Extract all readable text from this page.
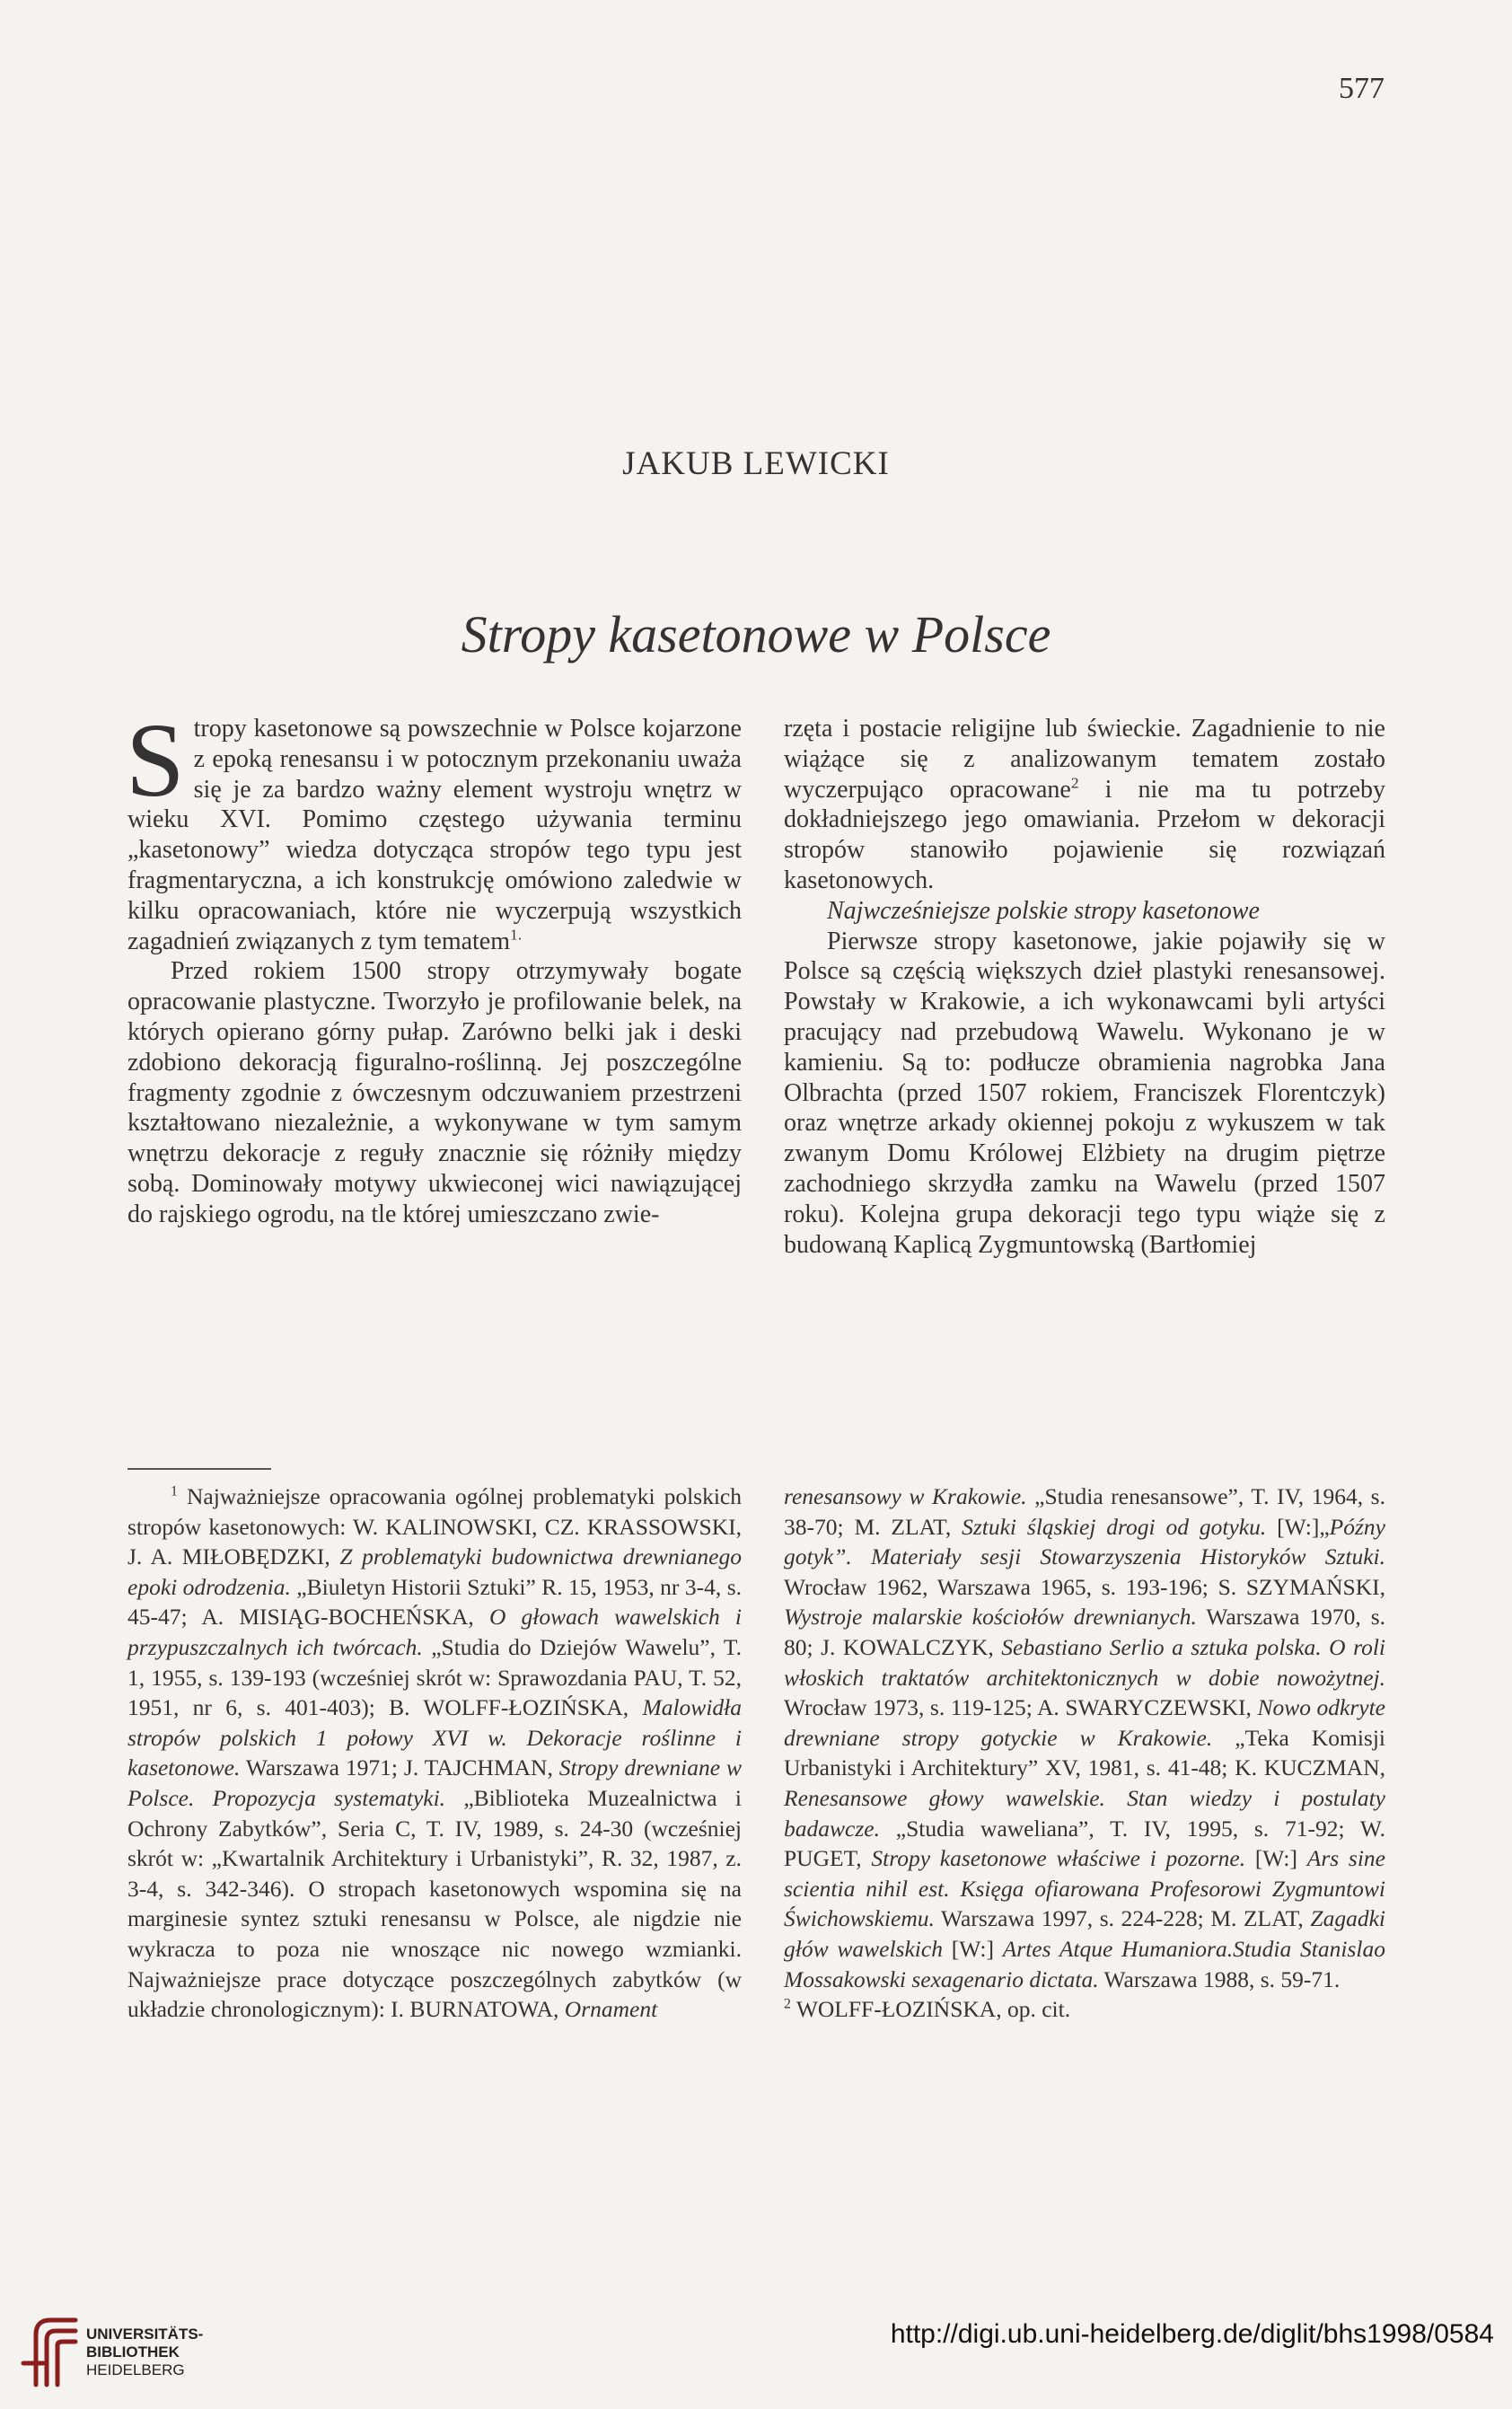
577
JAKUB LEWICKI
Stropy kasetonowe w Polsce

Stropy kasetonowe są powszechnie w Polsce kojarzone z epoką renesansu i w potocznym przekonaniu uważa się je za bardzo ważny element wystroju wnętrz w wieku XVI. Pomimo częstego używania terminu „kasetonowy” wiedza dotycząca stropów tego typu jest fragmentaryczna, a ich konstrukcję omówiono zaledwie w kilku opracowaniach, które nie wyczerpują wszystkich zagadnień związanych z tym tematem$^{1.}$

Przed rokiem 1500 stropy otrzymywały bogate opracowanie plastyczne. Tworzyło je profilowanie belek, na których opierano górny pułap. Zarówno belki jak i deski zdobiono dekoracją figuralno-roślinną. Jej poszczególne fragmenty zgodnie z ówczesnym odczuwaniem przestrzeni kształtowano niezależnie, a wykonywane w tym samym wnętrzu dekoracje z reguły znacznie się różniły między sobą. Dominowały motywy ukwieconej wici nawiązującej do rajskiego ogrodu, na tle której umieszczano zwie-

rzęta i postacie religijne lub świeckie. Zagadnienie to nie wiążące się z analizowanym tematem zostało wyczerpująco opracowane$^2$ i nie ma tu potrzeby dokładniejszego jego omawiania. Przełom w dekoracji stropów stanowiło pojawienie się rozwiązań kasetonowych.

Najwcześniejsze polskie stropy kasetonowe

Pierwsze stropy kasetonowe, jakie pojawiły się w Polsce są częścią większych dzieł plastyki renesansowej. Powstały w Krakowie, a ich wykonawcami byli artyści pracujący nad przebudową Wawelu. Wykonano je w kamieniu. Są to: podłucze obramienia nagrobka Jana Olbrachta (przed 1507 rokiem, Franciszek Florentczyk) oraz wnętrze arkady okiennej pokoju z wykuszem w tak zwanym Domu Królowej Elżbiety na drugim piętrze zachodniego skrzydła zamku na Wawelu (przed 1507 roku). Kolejna grupa dekoracji tego typu wiąże się z budowaną Kaplicą Zygmuntowską (Bartłomiej

$^1$ Najważniejsze opracowania ogólnej problematyki polskich stropów kasetonowych: W. KALINOWSKI, CZ. KRASSOWSKI, J. A. MIŁOBĘDZKI, Z problematyki budownictwa drewnianego epoki odrodzenia. „Biuletyn Historii Sztuki” R. 15, 1953, nr 3-4, s. 45-47; A. MISIĄG-BOCHEŃSKA, O głowach wawelskich i przypuszczalnych ich twórcach. „Studia do Dziejów Wawelu”, T. 1, 1955, s. 139-193 (wcześniej skrót w: Sprawozdania PAU, T. 52, 1951, nr 6, s. 401-403); B. WOLFF-ŁOZIŃSKA, Malowidła stropów polskich 1 połowy XVI w. Dekoracje roślinne i kasetonowe. Warszawa 1971; J. TAJCHMAN, Stropy drewniane w Polsce. Propozycja systematyki. „Biblioteka Muzealnictwa i Ochrony Zabytków”, Seria C, T. IV, 1989, s. 24-30 (wcześniej skrót w: „Kwartalnik Architektury i Urbanistyki”, R. 32, 1987, z. 3-4, s. 342-346). O stropach kasetonowych wspomina się na marginesie syntez sztuki renesansu w Polsce, ale nigdzie nie wykracza to poza nie wnoszące nic nowego wzmianki. Najważniejsze prace dotyczące poszczególnych zabytków (w układzie chronologicznym): I. BURNATOWA, Ornament

renesansowy w Krakowie. „Studia renesansowe”, T. IV, 1964, s. 38-70; M. ZLAT, Sztuki śląskiej drogi od gotyku. [W:]„Późny gotyk”. Materiały sesji Stowarzyszenia Historyków Sztuki. Wrocław 1962, Warszawa 1965, s. 193-196; S. SZYMAŃSKI, Wystroje malarskie kościołów drewnianych. Warszawa 1970, s. 80; J. KOWALCZYK, Sebastiano Serlio a sztuka polska. O roli włoskich traktatów architektonicznych w dobie nowożytnej. Wrocław 1973, s. 119-125; A. SWARYCZEWSKI, Nowo odkryte drewniane stropy gotyckie w Krakowie. „Teka Komisji Urbanistyki i Architektury” XV, 1981, s. 41-48; K. KUCZMAN, Renesansowe głowy wawelskie. Stan wiedzy i postulaty badawcze. „Studia waweliana”, T. IV, 1995, s. 71-92; W. PUGET, Stropy kasetonowe właściwe i pozorne. [W:] Ars sine scientia nihil est. Księga ofiarowana Profesorowi Zygmuntowi Świchowskiemu. Warszawa 1997, s. 224-228; M. ZLAT, Zagadki głów wawelskich [W:] Artes Atque Humaniora.Studia Stanislao Mossakowski sexagenario dictata. Warszawa 1988, s. 59-71.

$^2$ WOLFF-ŁOZIŃSKA, op. cit.

UNIVERSITÄTS-
BIBLIOTHEK
HEIDELBERG
http://digi.ub.uni-heidelberg.de/diglit/bhs1998/0584
